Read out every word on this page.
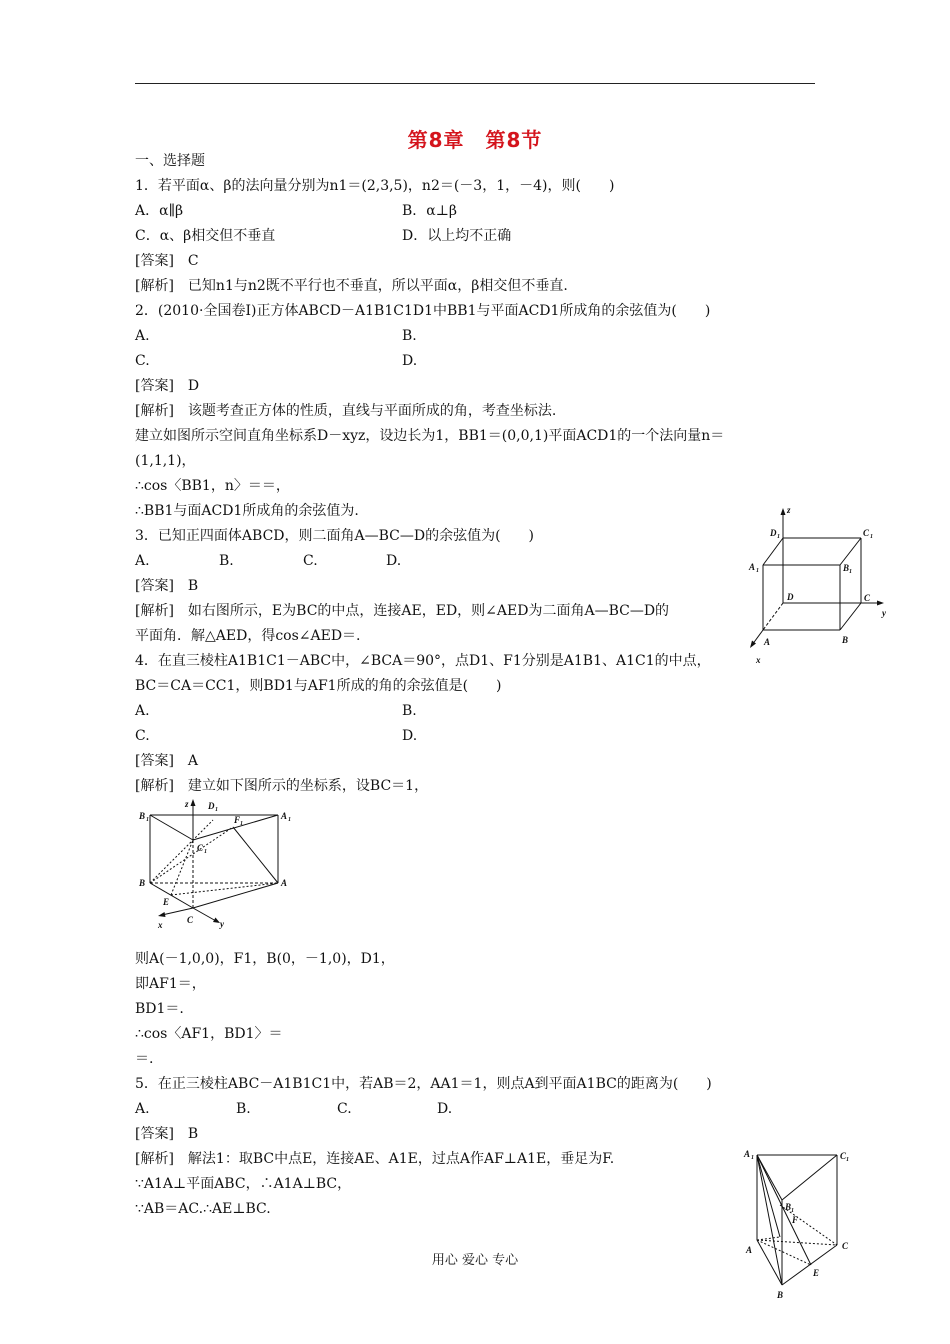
第8章　第8节
一、选择题
1．若平面α、β的法向量分别为n1＝(2,3,5)，n2＝(－3，1，－4)，则(　　)
A．α∥β	B．α⊥β
C．α、β相交但不垂直	D．以上均不正确
[答案]　C
[解析]　已知n1与n2既不平行也不垂直，所以平面α，β相交但不垂直.
2．(2010·全国卷Ⅰ)正方体ABCD－A1B1C1D1中BB1与平面ACD1所成角的余弦值为(　　)
A.	B.
C.	D.
[答案]　D
[解析]　该题考查正方体的性质，直线与平面所成的角，考查坐标法.
建立如图所示空间直角坐标系D－xyz，设边长为1，BB1＝(0,0,1)平面ACD1的一个法向量n＝
(1,1,1)，
∴cos〈BB1，n〉＝＝，
∴BB1与面ACD1所成角的余弦值为.
3．已知正四面体ABCD，则二面角A—BC—D的余弦值为(　　)
A.	B.	C.	D.
[答案]　B
[解析]　如右图所示，E为BC的中点，连接AE，ED，则∠AED为二面角A—BC—D的
平面角．解△AED，得cos∠AED＝.
4．在直三棱柱A1B1C1－ABC中，∠BCA＝90°，点D1、F1分别是A1B1、A1C1的中点，
BC＝CA＝CC1，则BD1与AF1所成的角的余弦值是(　　)
A.	B.
C.	D.
[答案]　A
[解析]　建立如下图所示的坐标系，设BC＝1，
则A(－1,0,0)，F1，B(0，－1,0)，D1，
即AF1＝，
BD1＝.
∴cos〈AF1，BD1〉＝
＝.
5．在正三棱柱ABC－A1B1C1中，若AB＝2，AA1＝1，则点A到平面A1BC的距离为(　　)
A.	B.	C.	D.
[答案]　B
[解析]　解法1：取BC中点E，连接AE、A1E，过点A作AF⊥A1E，垂足为F.
∵A1A⊥平面ABC，∴A1A⊥BC，
∵AB＝AC.∴AE⊥BC.
z
y
x
D 1	C 1
A 1	B 1
D	C
A	B
z
B 1
D 1
F 1
A 1
C 1
B	A
E
x	C	y
A 1	C 1
B 1
F
A	C
E
B
用心 爱心 专心
